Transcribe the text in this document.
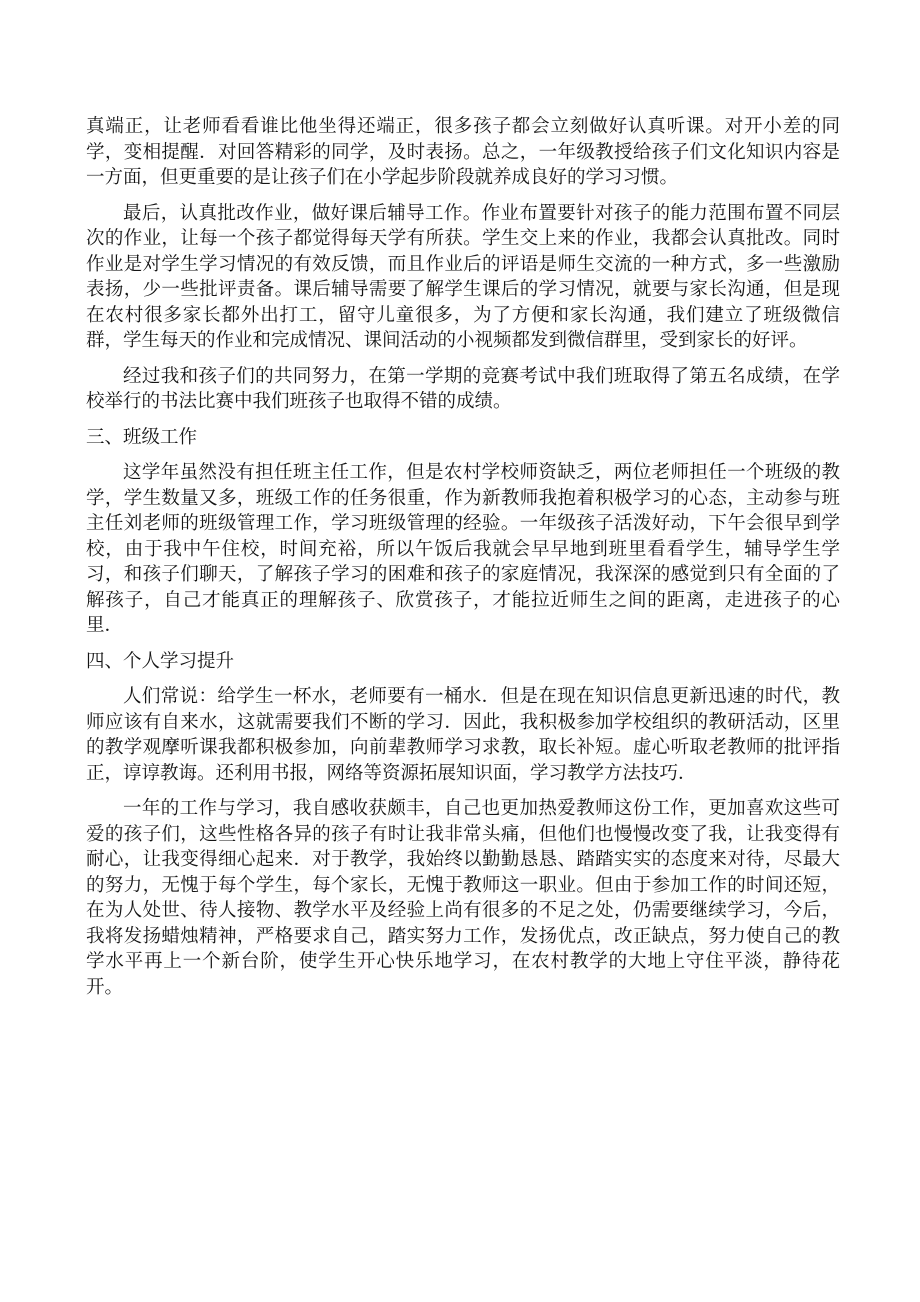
真端正，让老师看看谁比他坐得还端正，很多孩子都会立刻做好认真听课。对开小差的同学，变相提醒．对回答精彩的同学，及时表扬。总之，一年级教授给孩子们文化知识内容是一方面，但更重要的是让孩子们在小学起步阶段就养成良好的学习习惯。

最后，认真批改作业，做好课后辅导工作。作业布置要针对孩子的能力范围布置不同层次的作业，让每一个孩子都觉得每天学有所获。学生交上来的作业，我都会认真批改。同时作业是对学生学习情况的有效反馈，而且作业后的评语是师生交流的一种方式，多一些激励表扬，少一些批评责备。课后辅导需要了解学生课后的学习情况，就要与家长沟通，但是现在农村很多家长都外出打工，留守儿童很多，为了方便和家长沟通，我们建立了班级微信群，学生每天的作业和完成情况、课间活动的小视频都发到微信群里，受到家长的好评。

经过我和孩子们的共同努力，在第一学期的竞赛考试中我们班取得了第五名成绩，在学校举行的书法比赛中我们班孩子也取得不错的成绩。

三、班级工作

这学年虽然没有担任班主任工作，但是农村学校师资缺乏，两位老师担任一个班级的教学，学生数量又多，班级工作的任务很重，作为新教师我抱着积极学习的心态，主动参与班主任刘老师的班级管理工作，学习班级管理的经验。一年级孩子活泼好动，下午会很早到学校，由于我中午住校，时间充裕，所以午饭后我就会早早地到班里看看学生，辅导学生学习，和孩子们聊天，了解孩子学习的困难和孩子的家庭情况，我深深的感觉到只有全面的了解孩子，自己才能真正的理解孩子、欣赏孩子，才能拉近师生之间的距离，走进孩子的心里．

四、个人学习提升

人们常说：给学生一杯水，老师要有一桶水．但是在现在知识信息更新迅速的时代，教师应该有自来水，这就需要我们不断的学习．因此，我积极参加学校组织的教研活动，区里的教学观摩听课我都积极参加，向前辈教师学习求教，取长补短。虚心听取老教师的批评指正，谆谆教诲。还利用书报，网络等资源拓展知识面，学习教学方法技巧．

一年的工作与学习，我自感收获颇丰，自己也更加热爱教师这份工作，更加喜欢这些可爱的孩子们，这些性格各异的孩子有时让我非常头痛，但他们也慢慢改变了我，让我变得有耐心，让我变得细心起来．对于教学，我始终以勤勤恳恳、踏踏实实的态度来对待，尽最大的努力，无愧于每个学生，每个家长，无愧于教师这一职业。但由于参加工作的时间还短，在为人处世、待人接物、教学水平及经验上尚有很多的不足之处，仍需要继续学习，今后，我将发扬蜡烛精神，严格要求自己，踏实努力工作，发扬优点，改正缺点，努力使自己的教学水平再上一个新台阶，使学生开心快乐地学习，在农村教学的大地上守住平淡，静待花开。
